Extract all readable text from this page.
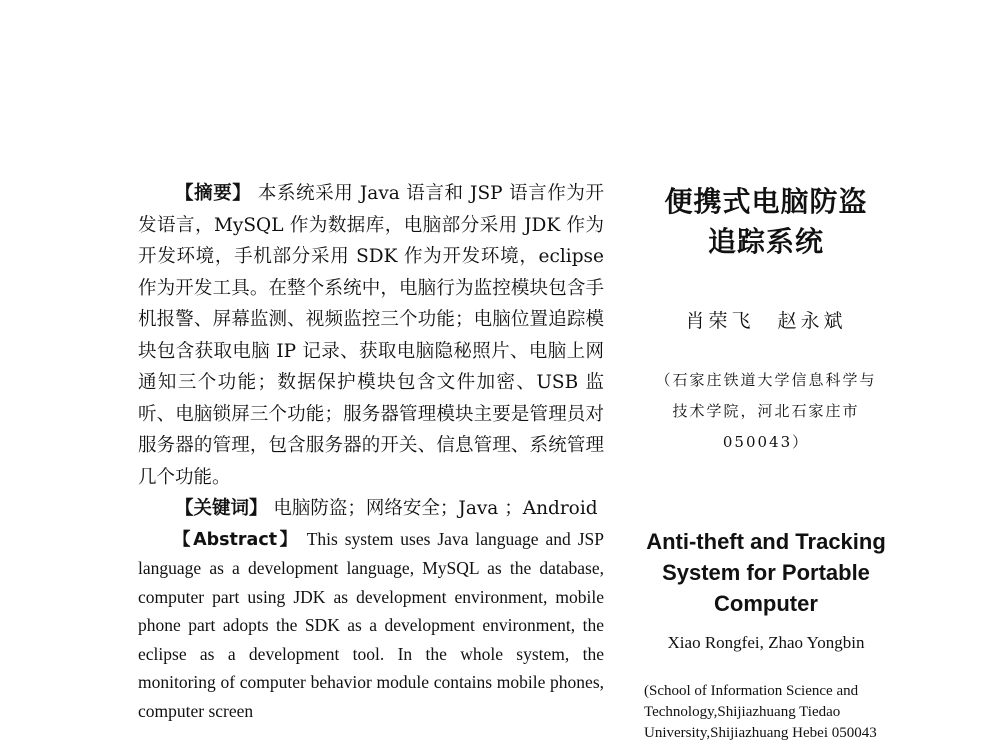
【摘要】 本系统采用 Java 语言和 JSP 语言作为开发语言，MySQL 作为数据库，电脑部分采用 JDK 作为开发环境，手机部分采用 SDK 作为开发环境，eclipse 作为开发工具。在整个系统中，电脑行为监控模块包含手机报警、屏幕监测、视频监控三个功能；电脑位置追踪模块包含获取电脑 IP 记录、获取电脑隐秘照片、电脑上网通知三个功能；数据保护模块包含文件加密、USB 监听、电脑锁屏三个功能；服务器管理模块主要是管理员对服务器的管理，包含服务器的开关、信息管理、系统管理几个功能。

【关键词】 电脑防盗；网络安全；Java ；Android

【Abstract】 This system uses Java language and JSP language as a development language, MySQL as the database, computer part using JDK as development environment, mobile phone part adopts the SDK as a development environment, the eclipse as a development tool. In the whole system, the monitoring of computer behavior module contains mobile phones, computer screen

便携式电脑防盗追踪系统
肖荣飞　赵永斌
（石家庄铁道大学信息科学与技术学院，河北石家庄市 050043）
Anti-theft and Tracking System for Portable Computer
Xiao Rongfei, Zhao Yongbin
(School of Information Science and Technology,Shijiazhuang Tiedao University,Shijiazhuang Hebei 050043
